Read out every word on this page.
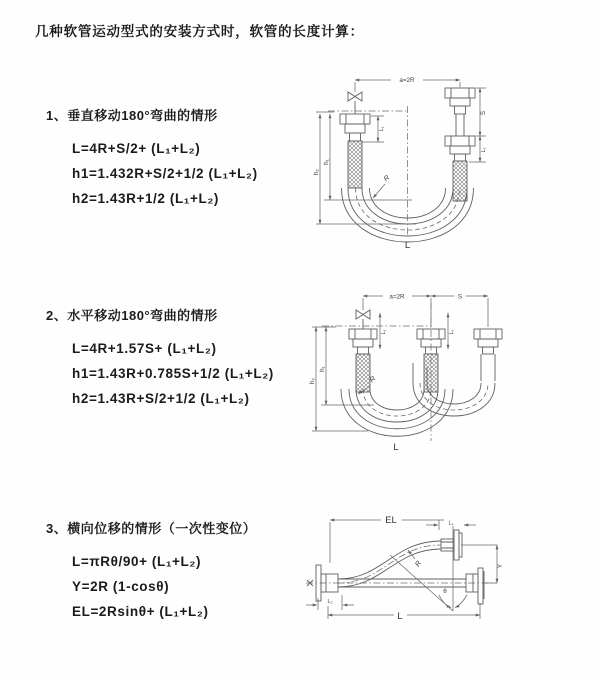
几种软管运动型式的安装方式时，软管的长度计算：
1、垂直移动180°弯曲的情形
L=4R+S/2+ (L₁+L₂)
h1=1.432R+S/2+1/2 (L₁+L₂)
h2=1.43R+1/2 (L₁+L₂)
a=2R
h₁
h₂
L₁
S
L₂
R
L
2、水平移动180°弯曲的情形
L=4R+1.57S+ (L₁+L₂)
h1=1.43R+0.785S+1/2 (L₁+L₂)
h2=1.43R+S/2+1/2 (L₁+L₂)
a=2R	S
h₁
h₂
L₁	L₂
R
L
3、横向位移的情形（一次性变位）
L=πRθ/90+ (L₁+L₂)
Y=2R (1-cosθ)
EL=2Rsinθ+ (L₁+L₂)
EL	L₁
θ
R	Y
L₂
L
